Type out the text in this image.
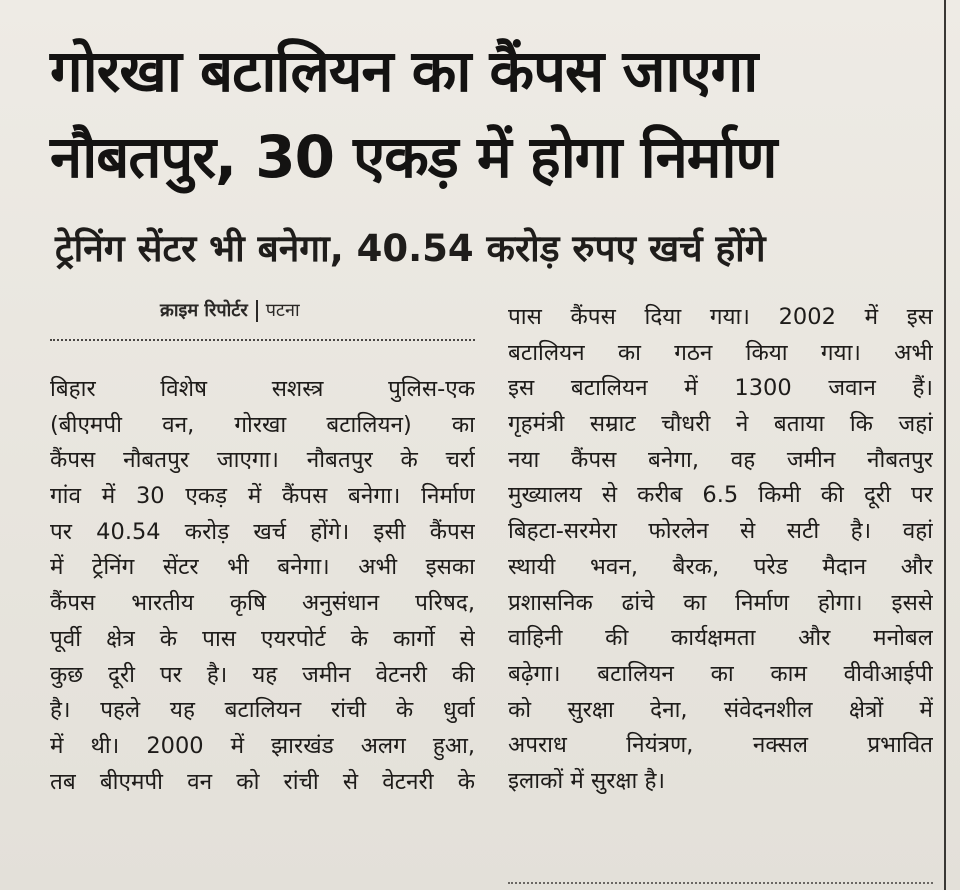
गोरखा बटालियन का कैंपस जाएगा
नौबतपुर, 30 एकड़ में होगा निर्माण
ट्रेनिंग सेंटर भी बनेगा, 40.54 करोड़ रुपए खर्च होंगे
क्राइम रिपोर्टर पटना
बिहार विशेष सशस्त्र पुलिस-एक
(बीएमपी वन, गोरखा बटालियन) का
कैंपस नौबतपुर जाएगा। नौबतपुर के चर्रा
गांव में 30 एकड़ में कैंपस बनेगा। निर्माण
पर 40.54 करोड़ खर्च होंगे। इसी कैंपस
में ट्रेनिंग सेंटर भी बनेगा। अभी इसका
कैंपस भारतीय कृषि अनुसंधान परिषद,
पूर्वी क्षेत्र के पास एयरपोर्ट के कार्गो से
कुछ दूरी पर है। यह जमीन वेटनरी की
है। पहले यह बटालियन रांची के धुर्वा
में थी। 2000 में झारखंड अलग हुआ,
तब बीएमपी वन को रांची से वेटनरी के
पास कैंपस दिया गया। 2002 में इस
बटालियन का गठन किया गया। अभी
इस बटालियन में 1300 जवान हैं।
गृहमंत्री सम्राट चौधरी ने बताया कि जहां
नया कैंपस बनेगा, वह जमीन नौबतपुर
मुख्यालय से करीब 6.5 किमी की दूरी पर
बिहटा-सरमेरा फोरलेन से सटी है। वहां
स्थायी भवन, बैरक, परेड मैदान और
प्रशासनिक ढांचे का निर्माण होगा। इससे
वाहिनी की कार्यक्षमता और मनोबल
बढ़ेगा। बटालियन का काम वीवीआईपी
को सुरक्षा देना, संवेदनशील क्षेत्रों में
अपराध नियंत्रण, नक्सल प्रभावित
इलाकों में सुरक्षा है।
